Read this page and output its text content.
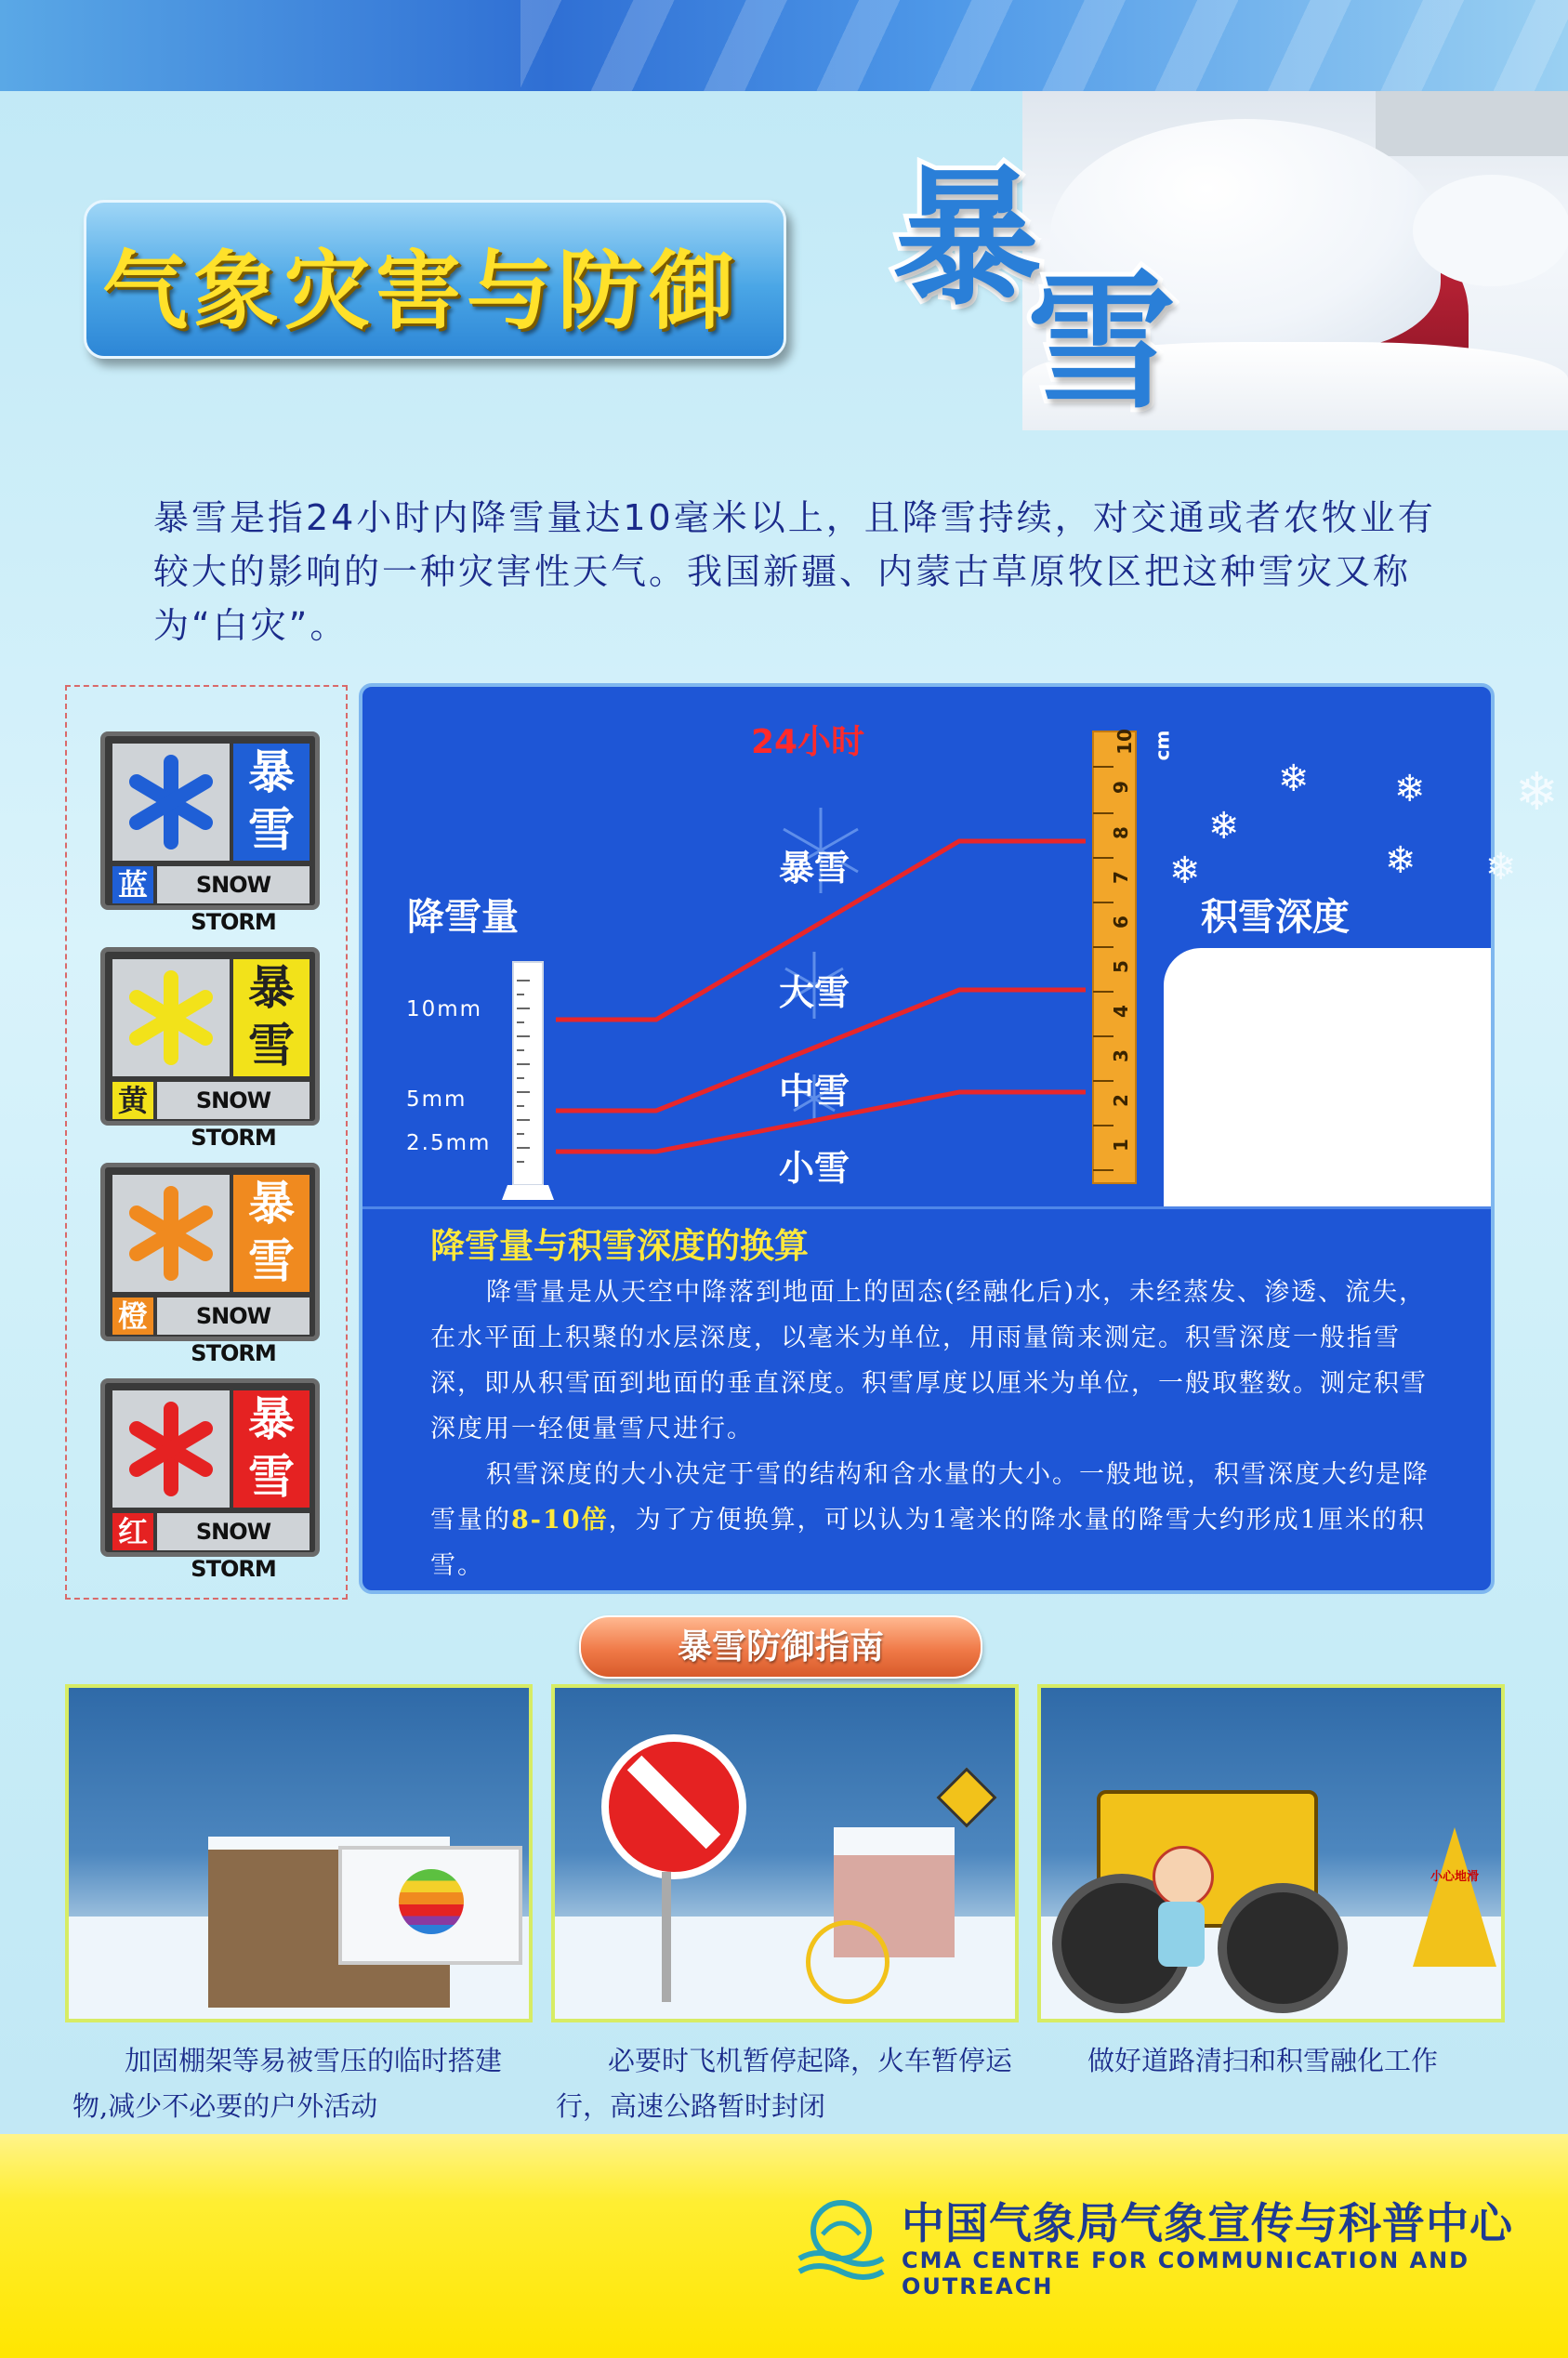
气象灾害与防御 暴
雪
暴雪是指24小时内降雪量达10毫米以上，且降雪持续，对交通或者农牧业有较大的影响的一种灾害性天气。我国新疆、内蒙古草原牧区把这种雪灾又称为“白灾”。
暴雪
蓝	SNOW STORM
暴雪
黄	SNOW STORM
暴雪
橙	SNOW STORM
暴雪
红	SNOW STORM
24小时
降雪量	积雪深度
10mm
5mm
2.5mm
暴雪
大雪
中雪
小雪
10
9
8
7
6
5
4
3
2
1
cm
❄ ❄
❄
❄	❄
❄
❄
降雪量与积雪深度的换算
降雪量是从天空中降落到地面上的固态(经融化后)水，未经蒸发、渗透、流失，在水平面上积聚的水层深度，以毫米为单位，用雨量筒来测定。积雪深度一般指雪深，即从积雪面到地面的垂直深度。积雪厚度以厘米为单位，一般取整数。测定积雪深度用一轻便量雪尺进行。
积雪深度的大小决定于雪的结构和含水量的大小。一般地说，积雪深度大约是降雪量的8-10倍，为了方便换算，可以认为1毫米的降水量的降雪大约形成1厘米的积雪。
暴雪防御指南
小心地滑
加固棚架等易被雪压的临时搭建物,减少不必要的户外活动
必要时飞机暂停起降，火车暂停运行，高速公路暂时封闭
做好道路清扫和积雪融化工作
中国气象局气象宣传与科普中心
CMA CENTRE FOR COMMUNICATION AND OUTREACH
